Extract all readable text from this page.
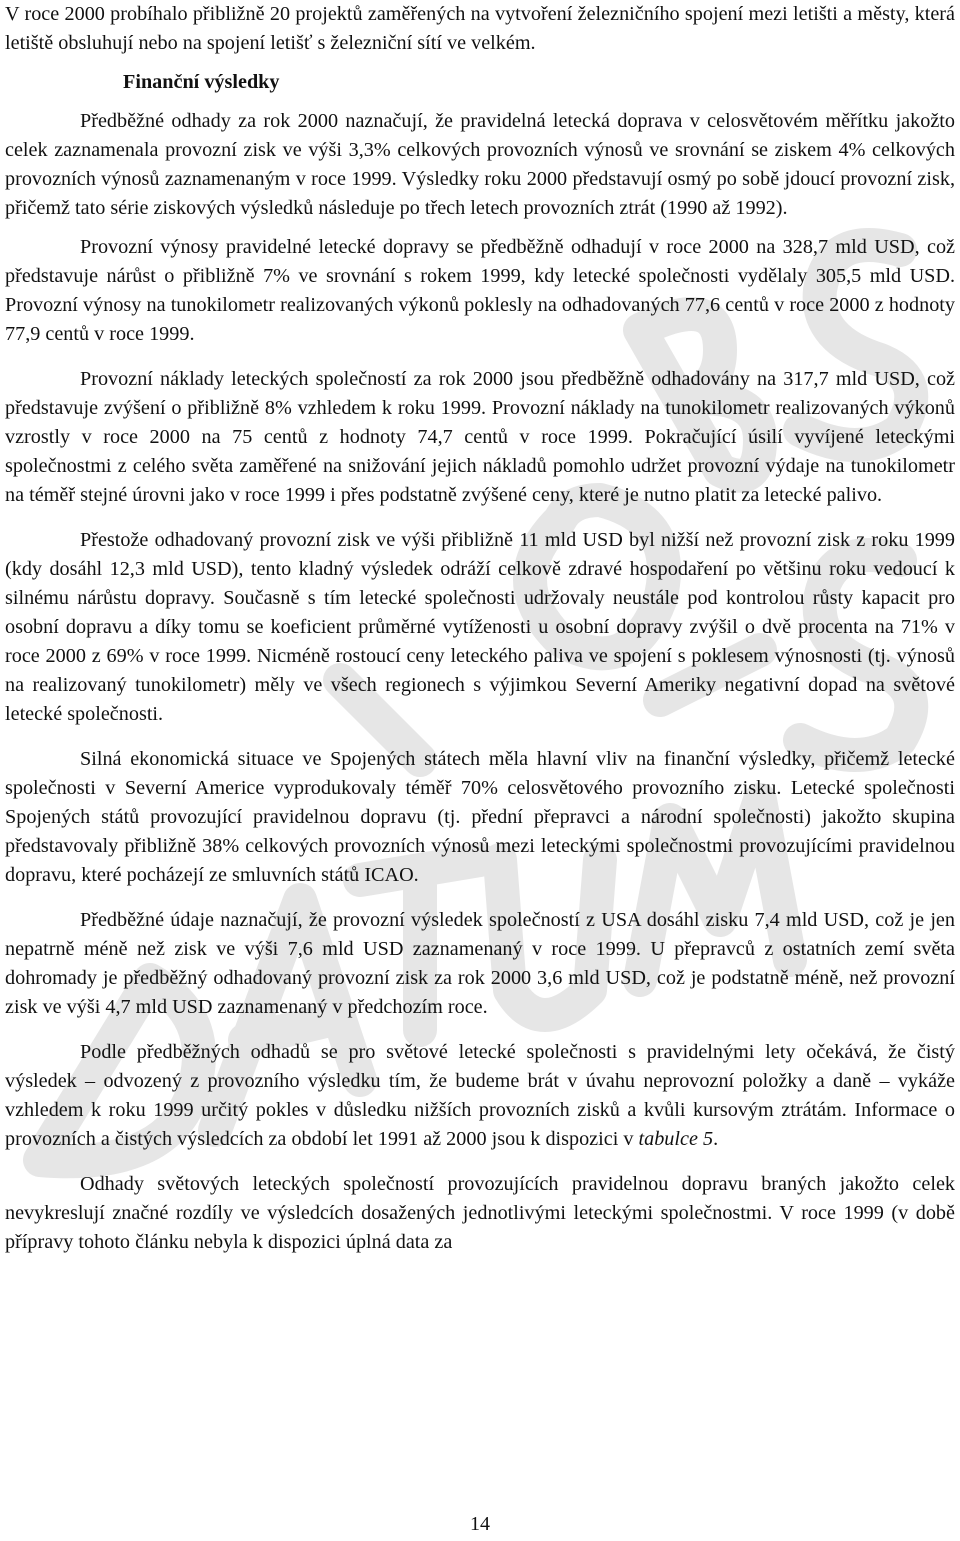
V roce 2000 probíhalo přibližně 20 projektů zaměřených na vytvoření železničního spojení mezi letišti a městy, která letiště obsluhují nebo na spojení letišť s železniční sítí ve velkém.

Finanční výsledky

Předběžné odhady za rok 2000 naznačují, že pravidelná letecká doprava v celosvětovém měřítku jakožto celek zaznamenala provozní zisk ve výši 3,3% celkových provozních výnosů ve srovnání se ziskem 4% celkových provozních výnosů zaznamenaným v roce 1999. Výsledky roku 2000 představují osmý po sobě jdoucí provozní zisk, přičemž tato série ziskových výsledků následuje po třech letech provozních ztrát (1990 až 1992).

Provozní výnosy pravidelné letecké dopravy se předběžně odhadují v roce 2000 na 328,7 mld USD, což představuje nárůst o přibližně 7% ve srovnání s rokem 1999, kdy letecké společnosti vydělaly 305,5 mld USD. Provozní výnosy na tunokilometr realizovaných výkonů poklesly na odhadovaných 77,6 centů v roce 2000 z hodnoty 77,9 centů v roce 1999.

Provozní náklady leteckých společností za rok 2000 jsou předběžně odhadovány na 317,7 mld USD, což představuje zvýšení o přibližně 8% vzhledem k roku 1999. Provozní náklady na tunokilometr realizovaných výkonů vzrostly v roce 2000 na 75 centů z hodnoty 74,7 centů v roce 1999. Pokračující úsilí vyvíjené leteckými společnostmi z celého světa zaměřené na snižování jejich nákladů pomohlo udržet provozní výdaje na tunokilometr na téměř stejné úrovni jako v roce 1999 i přes podstatně zvýšené ceny, které je nutno platit za letecké palivo.

Přestože odhadovaný provozní zisk ve výši přibližně 11 mld USD byl nižší než provozní zisk z roku 1999 (kdy dosáhl 12,3 mld USD), tento kladný výsledek odráží celkově zdravé hospodaření po většinu roku vedoucí k silnému nárůstu dopravy. Současně s tím letecké společnosti udržovaly neustále pod kontrolou růsty kapacit pro osobní dopravu a díky tomu se koeficient průměrné vytíženosti u osobní dopravy zvýšil o dvě procenta na 71% v roce 2000 z 69% v roce 1999. Nicméně rostoucí ceny leteckého paliva ve spojení s poklesem výnosnosti (tj. výnosů na realizovaný tunokilometr) měly ve všech regionech s výjimkou Severní Ameriky negativní dopad na světové letecké společnosti.

Silná ekonomická situace ve Spojených státech měla hlavní vliv na finanční výsledky, přičemž letecké společnosti v Severní Americe vyprodukovaly téměř 70% celosvětového provozního zisku. Letecké společnosti Spojených států provozující pravidelnou dopravu (tj. přední přepravci a národní společnosti) jakožto skupina představovaly přibližně 38% celkových provozních výnosů mezi leteckými společnostmi provozujícími pravidelnou dopravu, které pocházejí ze smluvních států ICAO.

Předběžné údaje naznačují, že provozní výsledek společností z USA dosáhl zisku 7,4 mld USD, což je jen nepatrně méně než zisk ve výši 7,6 mld USD zaznamenaný v roce 1999. U přepravců z ostatních zemí světa dohromady je předběžný odhadovaný provozní zisk za rok 2000 3,6 mld USD, což je podstatně méně, než provozní zisk ve výši 4,7 mld USD zaznamenaný v předchozím roce.

Podle předběžných odhadů se pro světové letecké společnosti s pravidelnými lety očekává, že čistý výsledek – odvozený z provozního výsledku tím, že budeme brát v úvahu neprovozní položky a daně – vykáže vzhledem k roku 1999 určitý pokles v důsledku nižších provozních zisků a kvůli kursovým ztrátám. Informace o provozních a čistých výsledcích za období let 1991 až 2000 jsou k dispozici v tabulce 5.

Odhady světových leteckých společností provozujících pravidelnou dopravu braných jakožto celek nevykreslují značné rozdíly ve výsledcích dosažených jednotlivými leteckými společnostmi. V roce 1999 (v době přípravy tohoto článku nebyla k dispozici úplná data za

14
